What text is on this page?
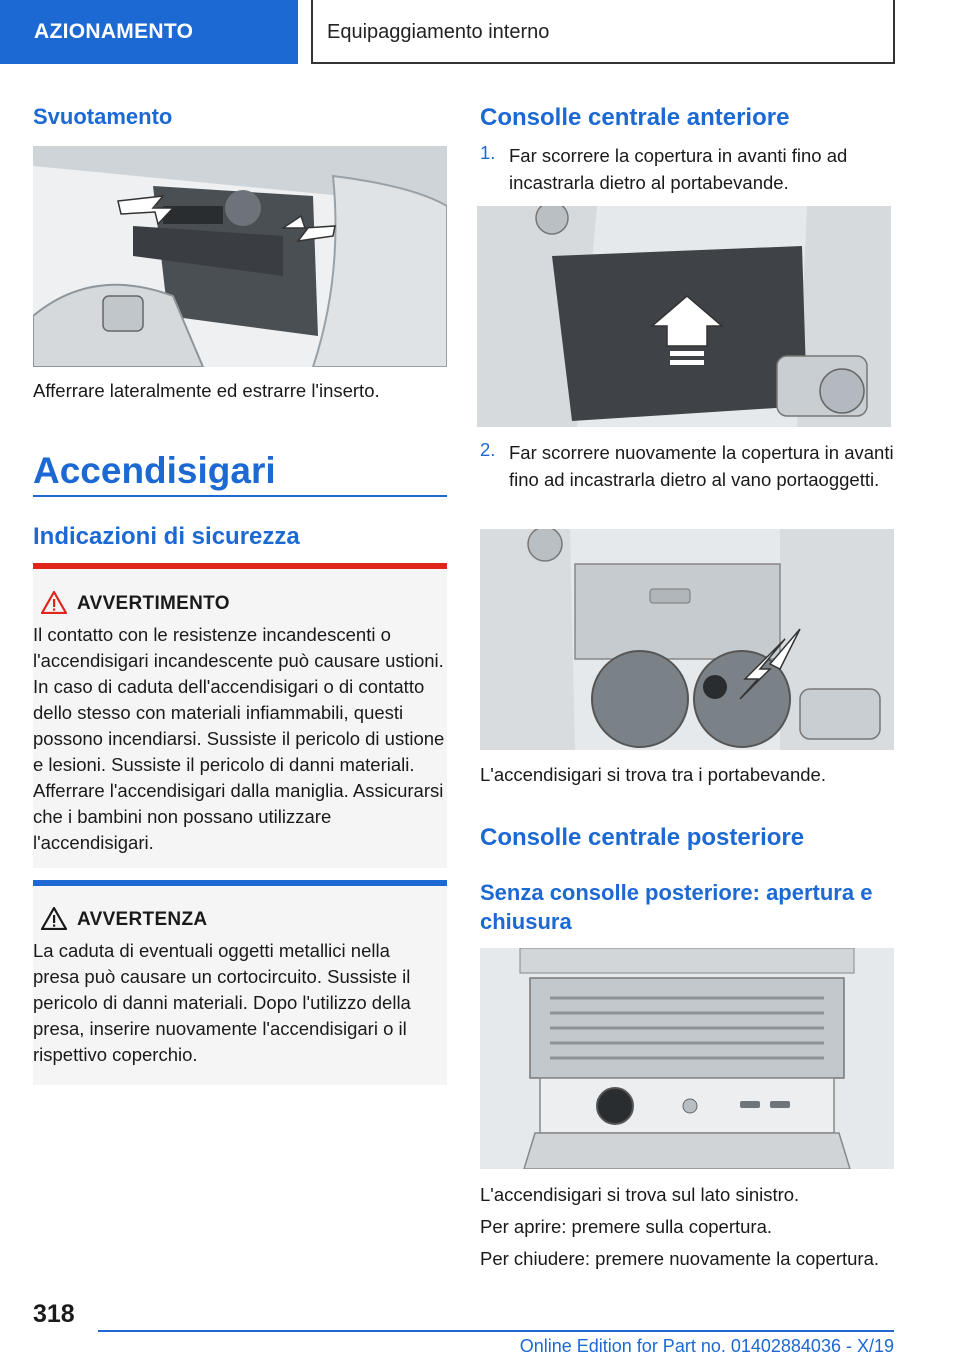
AZIONAMENTO	Equipaggiamento interno
Svuotamento
Afferrare lateralmente ed estrarre l'inserto.
Accendisigari
Indicazioni di sicurezza
AVVERTIMENTO
Il contatto con le resistenze incandescenti o l'accendisigari incandescente può causare ustioni. In caso di caduta dell'accendisigari o di contatto dello stesso con materiali infiammabili, questi possono incendiarsi. Sussiste il pericolo di ustione e lesioni. Sussiste il pericolo di danni materiali. Afferrare l'accendisigari dalla maniglia. Assicurarsi che i bambini non possano utilizzare l'accendisigari.
AVVERTENZA
La caduta di eventuali oggetti metallici nella presa può causare un cortocircuito. Sussiste il pericolo di danni materiali. Dopo l'utilizzo della presa, inserire nuovamente l'accendisigari o il rispettivo coperchio.
Consolle centrale anteriore
1. Far scorrere la copertura in avanti fino ad incastrarla dietro al portabevande.
2. Far scorrere nuovamente la copertura in avanti fino ad incastrarla dietro al vano portaoggetti.
L'accendisigari si trova tra i portabevande.
Consolle centrale posteriore
Senza consolle posteriore: apertura e chiusura
L'accendisigari si trova sul lato sinistro.
Per aprire: premere sulla copertura.
Per chiudere: premere nuovamente la copertura.
318
Online Edition for Part no. 01402884036 - X/19
